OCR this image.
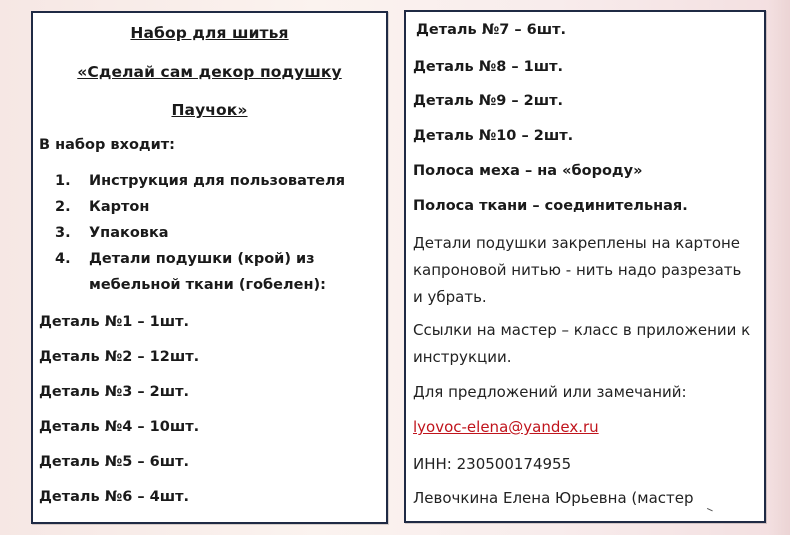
Набор для шитья
«Сделай сам декор подушку
Паучок»
В набор входит:
1. Инструкция для пользователя
2. Картон
3. Упаковка
4. Детали подушки (крой) из
мебельной ткани (гобелен):
Деталь №1 – 1шт.
Деталь №2 – 12шт.
Деталь №3 – 2шт.
Деталь №4 – 10шт.
Деталь №5 – 6шт.
Деталь №6 – 4шт.
Деталь №7 – 6шт.
Деталь №8 – 1шт.
Деталь №9 – 2шт.
Деталь №10 – 2шт.
Полоса меха – на «бороду»
Полоса ткани – соединительная.
Детали подушки закреплены на картоне
капроновой нитью - нить надо разрезать
и убрать.
Ссылки на мастер – класс в приложении к
инструкции.
Для предложений или замечаний:
lyovoc-elena@yandex.ru
ИНН: 230500174955
Левочкина Елена Юрьевна (мастер
